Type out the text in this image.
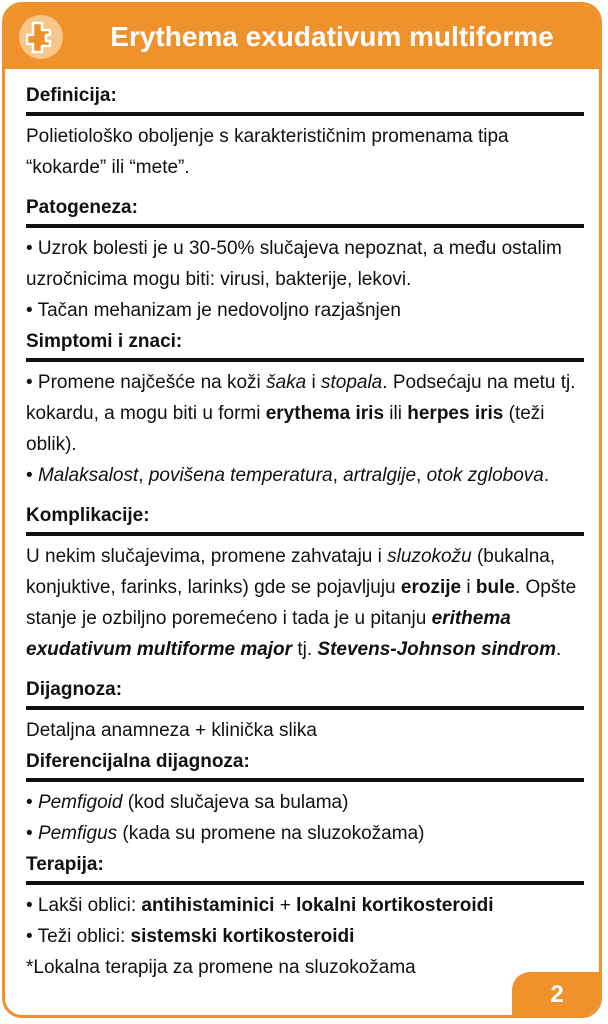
Erythema exudativum multiforme
Definicija:

Polietiološko oboljenje s karakterističnim promenama tipa “kokarde” ili “mete”.

Patogeneza:

• Uzrok bolesti je u 30-50% slučajeva nepoznat, a među ostalim uzročnicima mogu biti: virusi, bakterije, lekovi.

• Tačan mehanizam je nedovoljno razjašnjen

Simptomi i znaci:

• Promene najčešće na koži šaka i stopala. Podsećaju na metu tj. kokardu, a mogu biti u formi erythema iris ili herpes iris (teži oblik).

• Malaksalost, povišena temperatura, artralgije, otok zglobova.

Komplikacije:

U nekim slučajevima, promene zahvataju i sluzokožu (bukalna, konjuktive, farinks, larinks) gde se pojavljuju erozije i bule. Opšte stanje je ozbiljno poremećeno i tada je u pitanju erithema exudativum multiforme major tj. Stevens-Johnson sindrom.

Dijagnoza:

Detaljna anamneza + klinička slika

Diferencijalna dijagnoza:

• Pemfigoid (kod slučajeva sa bulama)

• Pemfigus (kada su promene na sluzokožama)

Terapija:

• Lakši oblici: antihistaminici + lokalni kortikosteroidi

• Teži oblici: sistemski kortikosteroidi

*Lokalna terapija za promene na sluzokožama

2
